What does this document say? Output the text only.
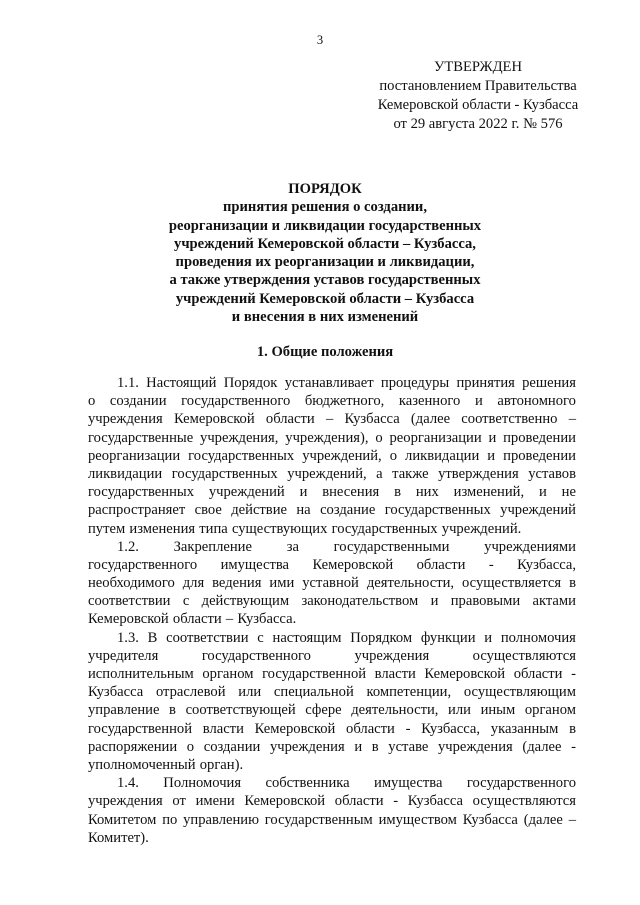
3
УТВЕРЖДЕН
постановлением Правительства
Кемеровской области - Кузбасса
от 29 августа 2022 г. № 576
ПОРЯДОК
принятия решения о создании,
реорганизации и ликвидации государственных
учреждений Кемеровской области – Кузбасса,
проведения их реорганизации и ликвидации,
а также утверждения уставов государственных
учреждений Кемеровской области – Кузбасса
и внесения в них изменений
1. Общие положения
1.1. Настоящий Порядок устанавливает процедуры принятия решения
о создании государственного бюджетного, казенного и автономного
учреждения Кемеровской области – Кузбасса (далее соответственно –
государственные учреждения, учреждения), о реорганизации и проведении
реорганизации государственных учреждений, о ликвидации и проведении
ликвидации государственных учреждений, а также утверждения уставов
государственных учреждений и внесения в них изменений, и не
распространяет свое действие на создание государственных учреждений
путем изменения типа существующих государственных учреждений.
1.2. Закрепление за государственными учреждениями
государственного имущества Кемеровской области - Кузбасса,
необходимого для ведения ими уставной деятельности, осуществляется в
соответствии с действующим законодательством и правовыми актами
Кемеровской области – Кузбасса.
1.3. В соответствии с настоящим Порядком функции и полномочия
учредителя	государственного	учреждения	осуществляются
исполнительным органом государственной власти Кемеровской области -
Кузбасса отраслевой или специальной компетенции, осуществляющим
управление в соответствующей сфере деятельности, или иным органом
государственной власти Кемеровской области - Кузбасса, указанным в
распоряжении о создании учреждения и в уставе учреждения (далее -
уполномоченный орган).
1.4. Полномочия собственника имущества государственного
учреждения от имени Кемеровской области - Кузбасса осуществляются
Комитетом по управлению государственным имуществом Кузбасса (далее –
Комитет).
